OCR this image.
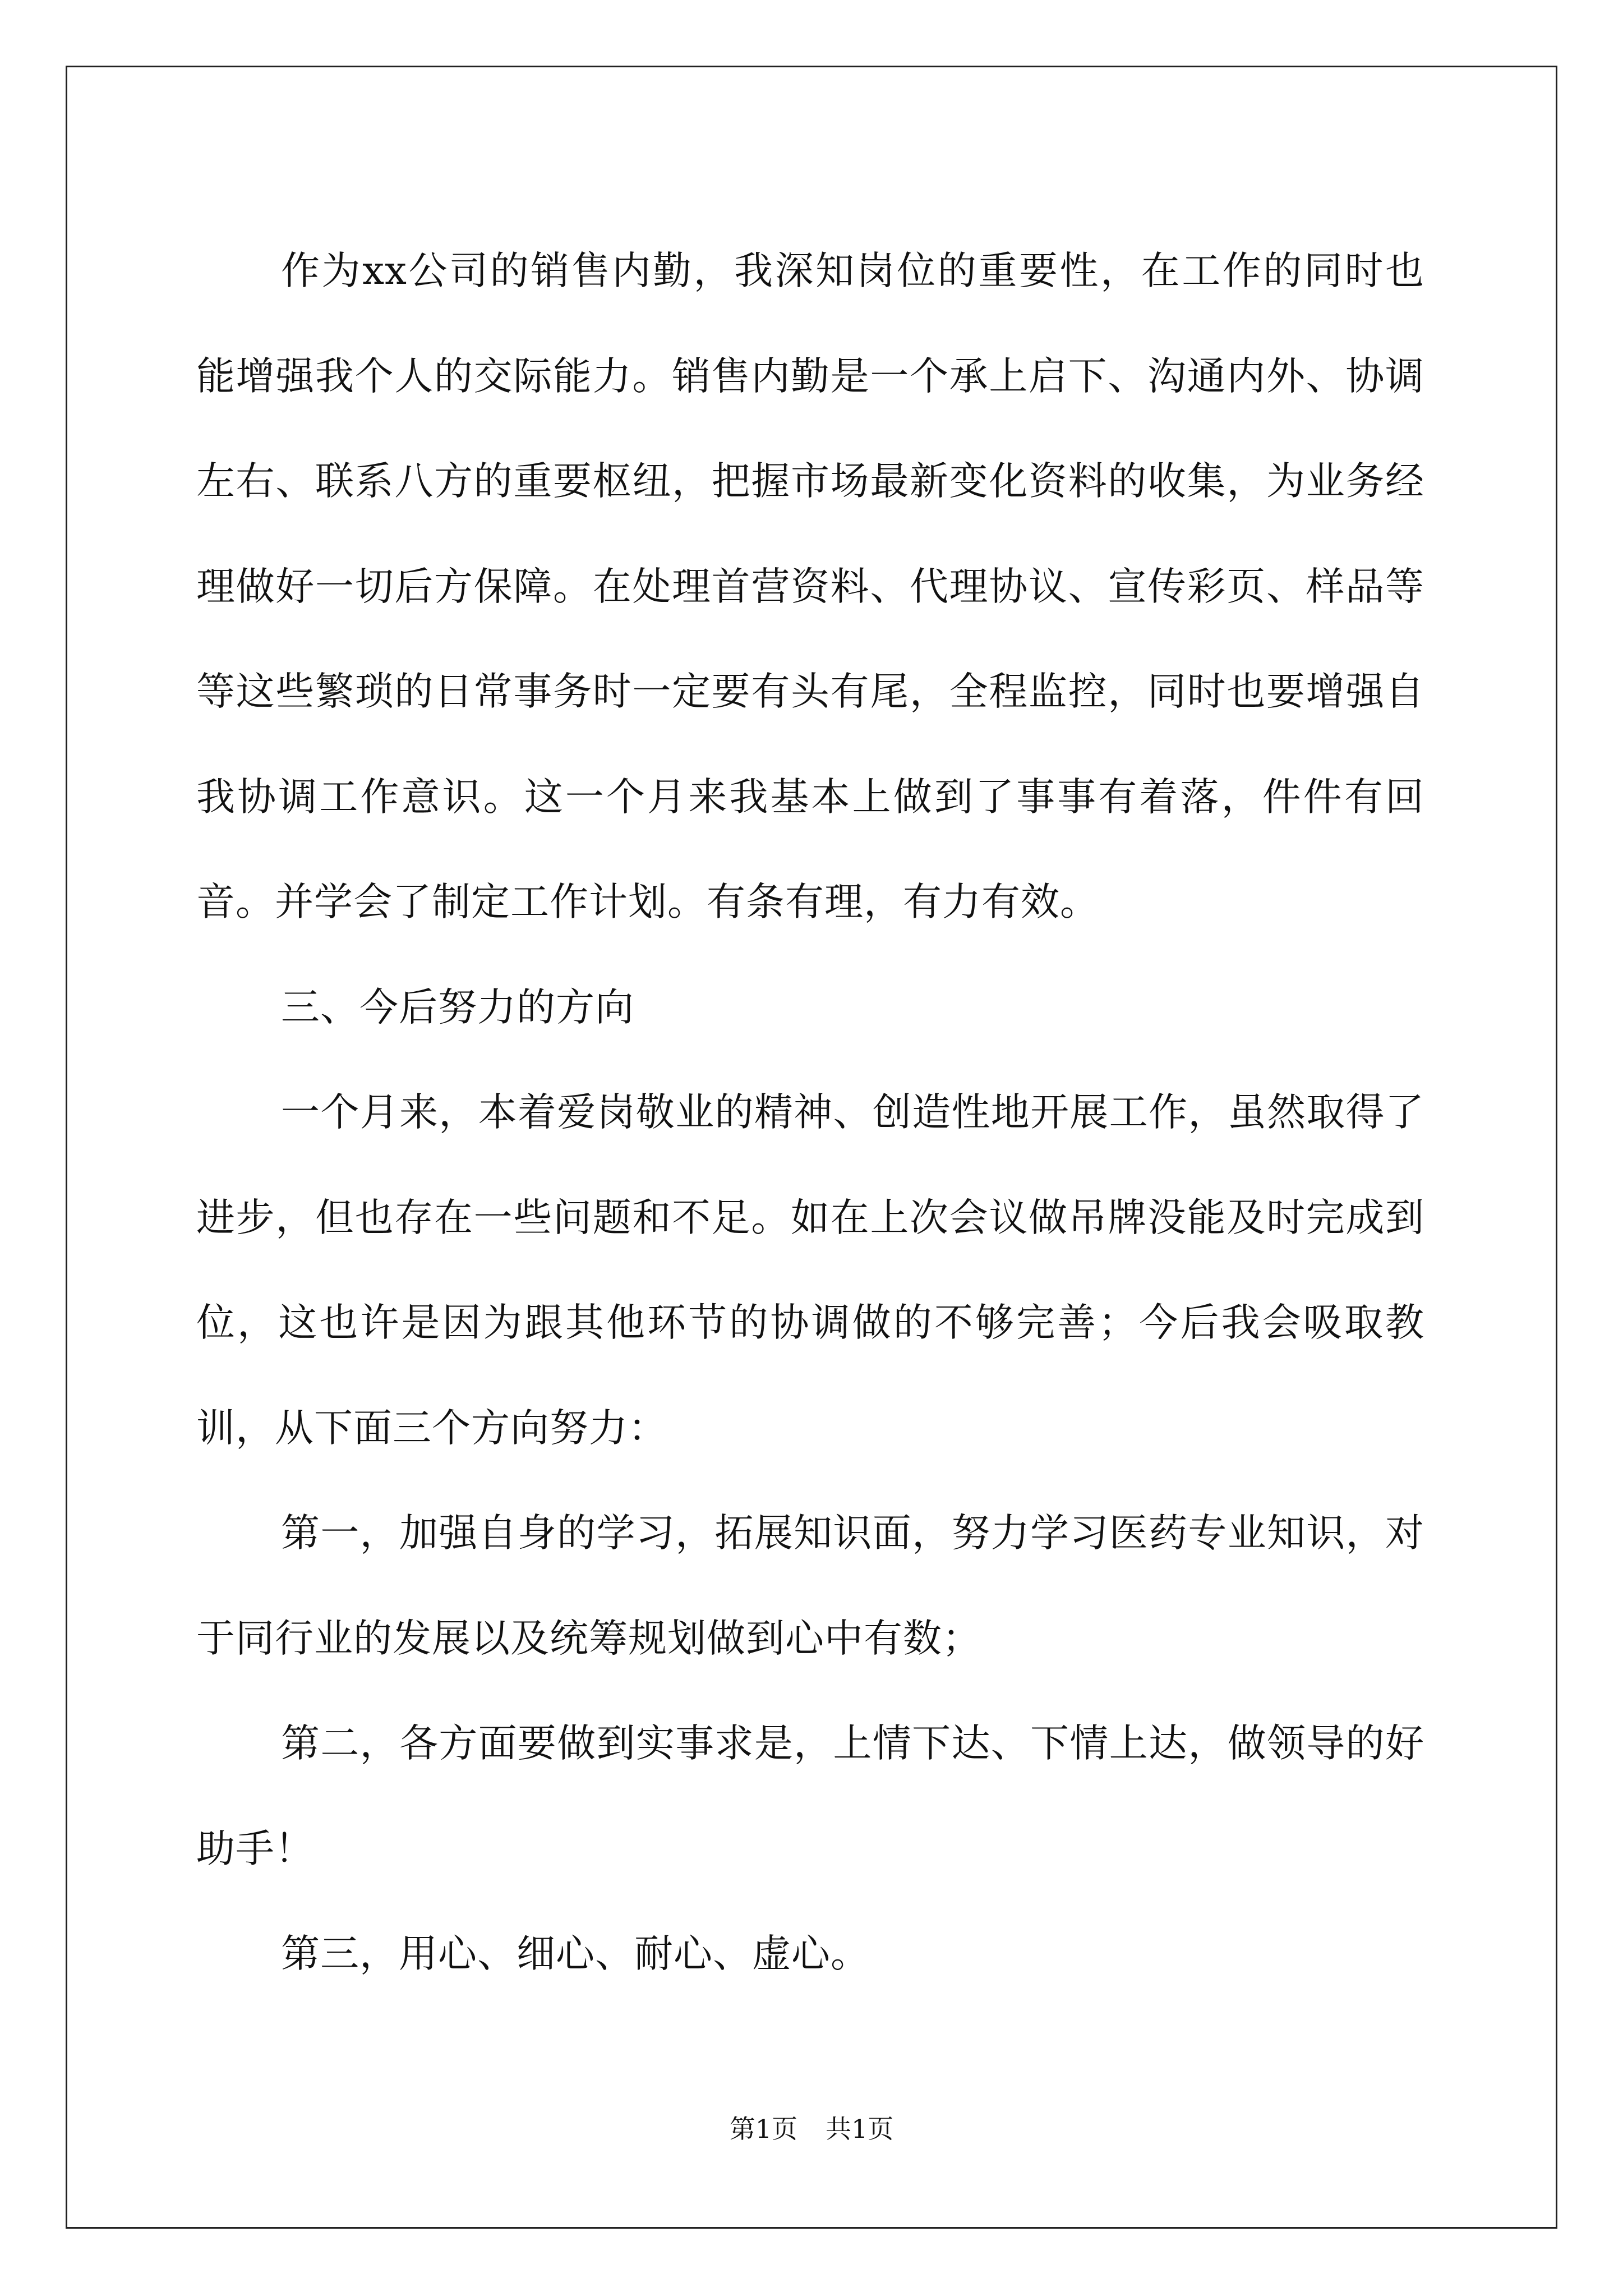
作为xx公司的销售内勤，我深知岗位的重要性，在工作的同时也能增强我个人的交际能力。销售内勤是一个承上启下、沟通内外、协调左右、联系八方的重要枢纽，把握市场最新变化资料的收集，为业务经理做好一切后方保障。在处理首营资料、代理协议、宣传彩页、样品等等这些繁琐的日常事务时一定要有头有尾，全程监控，同时也要增强自我协调工作意识。这一个月来我基本上做到了事事有着落，件件有回音。并学会了制定工作计划。有条有理，有力有效。

三、今后努力的方向

一个月来，本着爱岗敬业的精神、创造性地开展工作，虽然取得了进步，但也存在一些问题和不足。如在上次会议做吊牌没能及时完成到位，这也许是因为跟其他环节的协调做的不够完善；今后我会吸取教训，从下面三个方向努力：

第一，加强自身的学习，拓展知识面，努力学习医药专业知识，对于同行业的发展以及统筹规划做到心中有数；

第二，各方面要做到实事求是，上情下达、下情上达，做领导的好助手！

第三，用心、细心、耐心、虚心。

第1页 共1页
